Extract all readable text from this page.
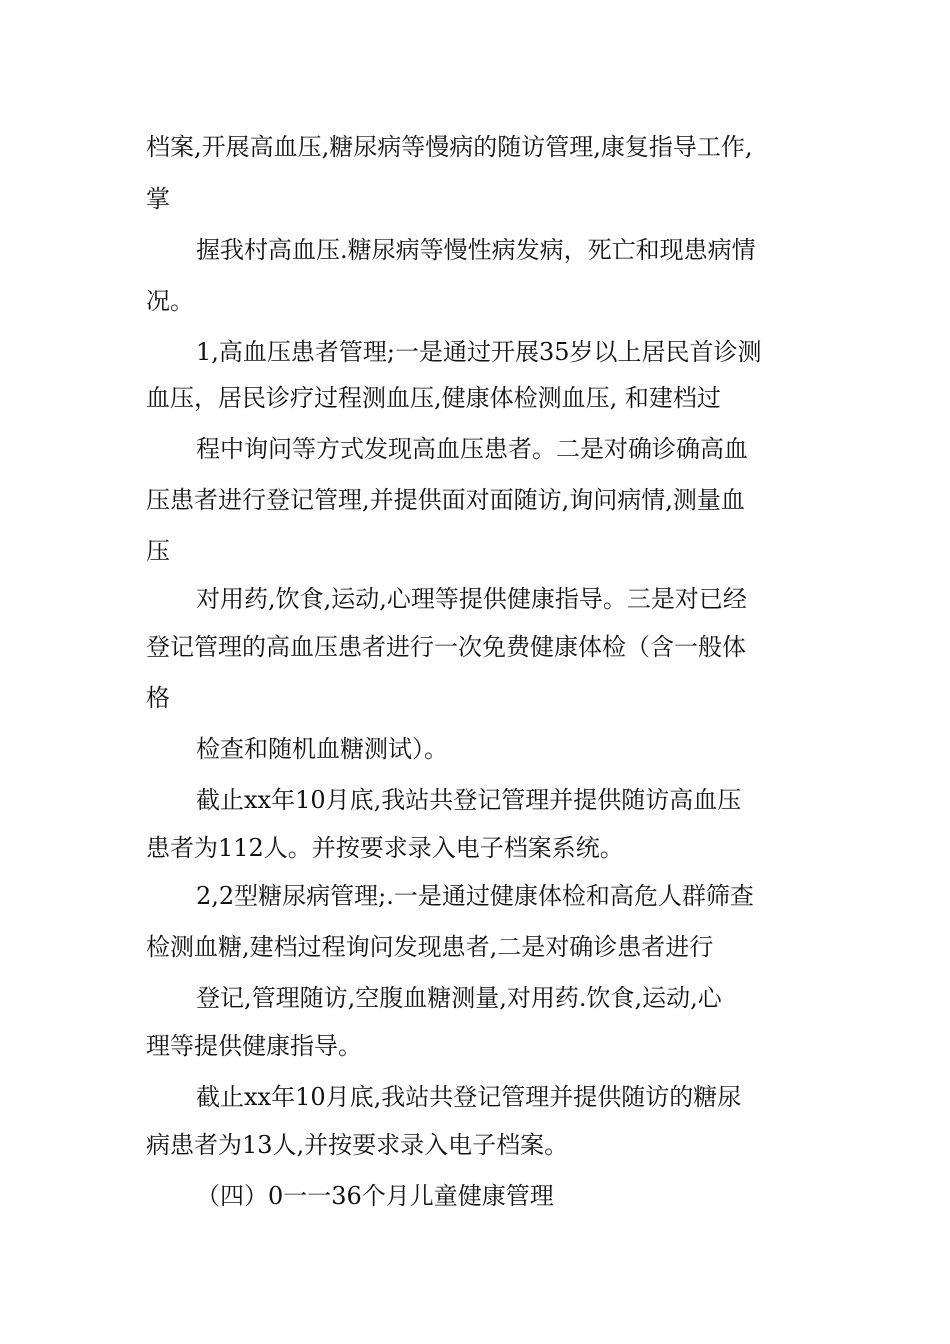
档案,开展高血压,糖尿病等慢病的随访管理,康复指导工作,
掌
握我村高血压.糖尿病等慢性病发病，死亡和现患病情
况。
1,高血压患者管理;一是通过开展35岁以上居民首诊测
血压，居民诊疗过程测血压,健康体检测血压, 和建档过
程中询问等方式发现高血压患者。二是对确诊确高血
压患者进行登记管理,并提供面对面随访,询问病情,测量血
压
对用药,饮食,运动,心理等提供健康指导。三是对已经
登记管理的高血压患者进行一次免费健康体检（含一般体
格
检查和随机血糖测试）。
截止xx年10月底,我站共登记管理并提供随访高血压
患者为112人。并按要求录入电子档案系统。
2,2型糖尿病管理;.一是通过健康体检和高危人群筛查
检测血糖,建档过程询问发现患者,二是对确诊患者进行
登记,管理随访,空腹血糖测量,对用药.饮食,运动,心
理等提供健康指导。
截止xx年10月底,我站共登记管理并提供随访的糖尿
病患者为13人,并按要求录入电子档案。
（四）0一一36个月儿童健康管理
